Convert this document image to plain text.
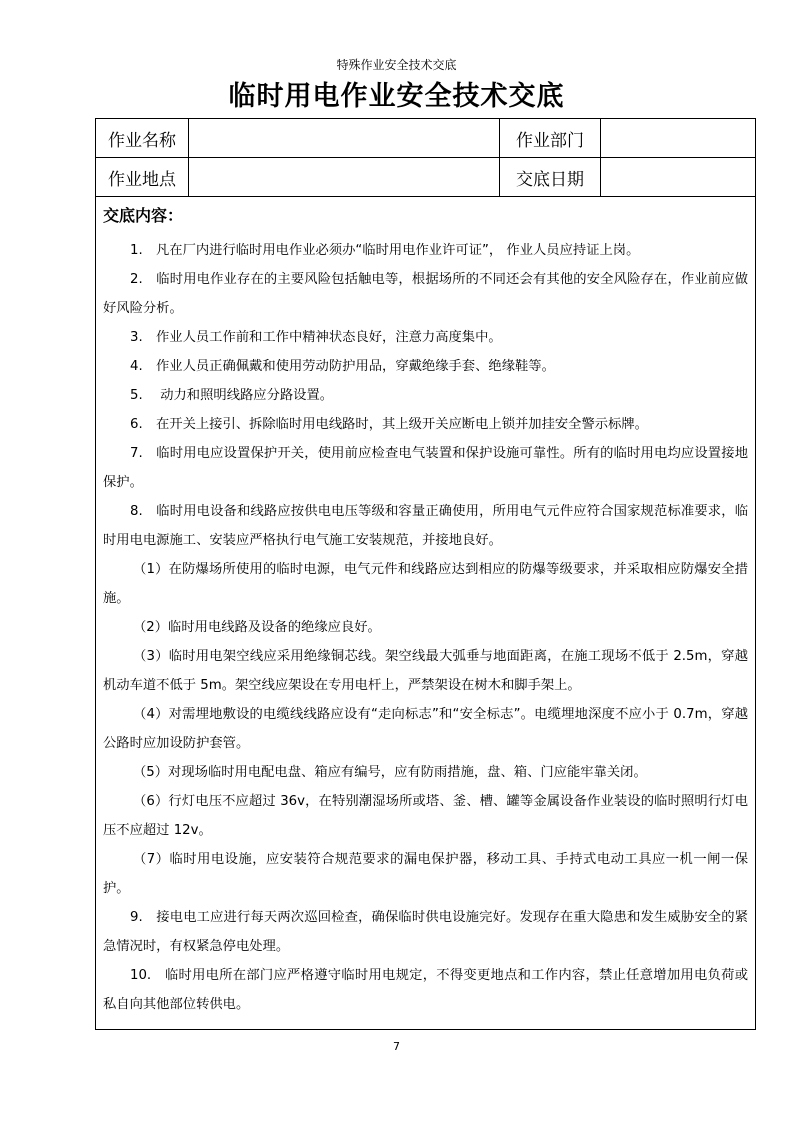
特殊作业安全技术交底
临时用电作业安全技术交底
作业名称	作业部门
作业地点	交底日期
交底内容：

1.　凡在厂内进行临时用电作业必须办“临时用电作业许可证”， 作业人员应持证上岗。

2.　临时用电作业存在的主要风险包括触电等，根据场所的不同还会有其他的安全风险存在，作业前应做好风险分析。

3.　作业人员工作前和工作中精神状态良好，注意力高度集中。

4.　作业人员正确佩戴和使用劳动防护用品，穿戴绝缘手套、绝缘鞋等。

5.　 动力和照明线路应分路设置。

6.　在开关上接引、拆除临时用电线路时，其上级开关应断电上锁并加挂安全警示标牌。

7.　临时用电应设置保护开关，使用前应检查电气装置和保护设施可靠性。所有的临时用电均应设置接地保护。

8.　临时用电设备和线路应按供电电压等级和容量正确使用，所用电气元件应符合国家规范标准要求，临时用电电源施工、安装应严格执行电气施工安装规范，并接地良好。

（1）在防爆场所使用的临时电源，电气元件和线路应达到相应的防爆等级要求，并采取相应防爆安全措施。

（2）临时用电线路及设备的绝缘应良好。

（3）临时用电架空线应采用绝缘铜芯线。架空线最大弧垂与地面距离，在施工现场不低于 2.5m，穿越机动车道不低于 5m。架空线应架设在专用电杆上，严禁架设在树木和脚手架上。

（4）对需埋地敷设的电缆线线路应设有“走向标志”和“安全标志”。电缆埋地深度不应小于 0.7m，穿越公路时应加设防护套管。

（5）对现场临时用电配电盘、箱应有编号，应有防雨措施，盘、箱、门应能牢靠关闭。

（6）行灯电压不应超过 36v，在特别潮湿场所或塔、釜、槽、罐等金属设备作业装设的临时照明行灯电压不应超过 12v。

（7）临时用电设施，应安装符合规范要求的漏电保护器，移动工具、手持式电动工具应一机一闸一保护。

9.　接电电工应进行每天两次巡回检查，确保临时供电设施完好。发现存在重大隐患和发生威胁安全的紧急情况时，有权紧急停电处理。

10.　临时用电所在部门应严格遵守临时用电规定，不得变更地点和工作内容，禁止任意增加用电负荷或私自向其他部位转供电。

7
